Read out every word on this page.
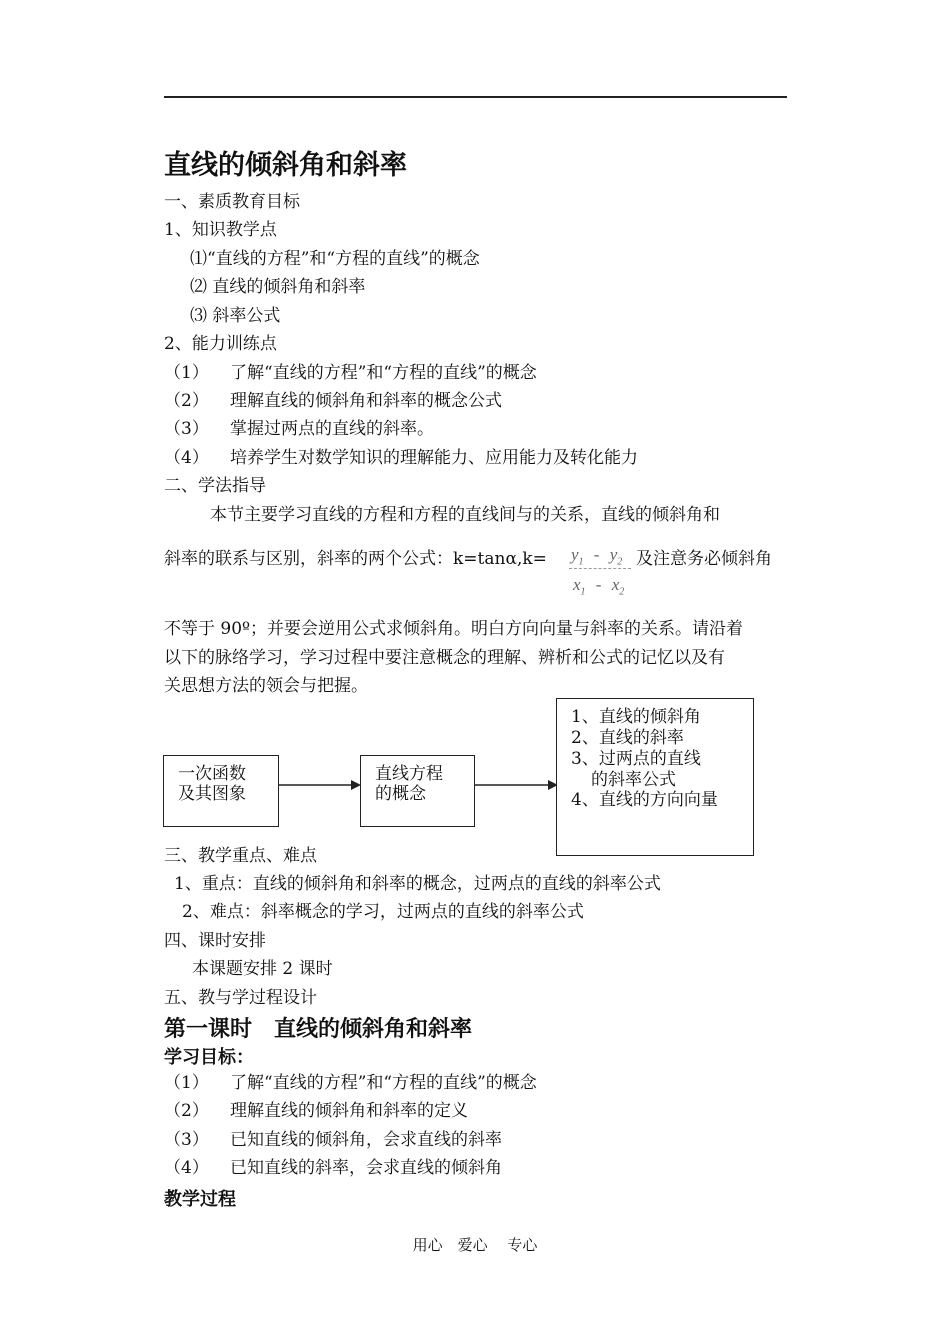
直线的倾斜角和斜率
一、素质教育目标
1、知识教学点
⑴“直线的方程”和“方程的直线”的概念
⑵ 直线的倾斜角和斜率
⑶ 斜率公式
2、能力训练点
（1） 了解“直线的方程”和“方程的直线”的概念
（2） 理解直线的倾斜角和斜率的概念公式
（3） 掌握过两点的直线的斜率。
（4） 培养学生对数学知识的理解能力、应用能力及转化能力
二、学法指导
本节主要学习直线的方程和方程的直线间与的关系，直线的倾斜角和
斜率的联系与区别，斜率的两个公式：$k=\tan\alpha,k= y_1 - y_2$
$x_1 - x_2$
及注意务必倾斜角
不等于 90º；并要会逆用公式求倾斜角。明白方向向量与斜率的关系。请沿着
以下的脉络学习，学习过程中要注意概念的理解、辨析和公式的记忆以及有
关思想方法的领会与把握。
一次函数
及其图象
直线方程
的概念
1、直线的倾斜角
2、直线的斜率
3、过两点的直线
的斜率公式
4、直线的方向向量
三、教学重点、难点
1、重点：直线的倾斜角和斜率的概念，过两点的直线的斜率公式
2、难点：斜率概念的学习，过两点的直线的斜率公式
四、课时安排
本课题安排 2 课时
五、教与学过程设计
第一课时　直线的倾斜角和斜率
学习目标：
（1） 了解“直线的方程”和“方程的直线”的概念
（2） 理解直线的倾斜角和斜率的定义
（3） 已知直线的倾斜角，会求直线的斜率
（4） 已知直线的斜率，会求直线的倾斜角
教学过程
用心　爱心　 专心
